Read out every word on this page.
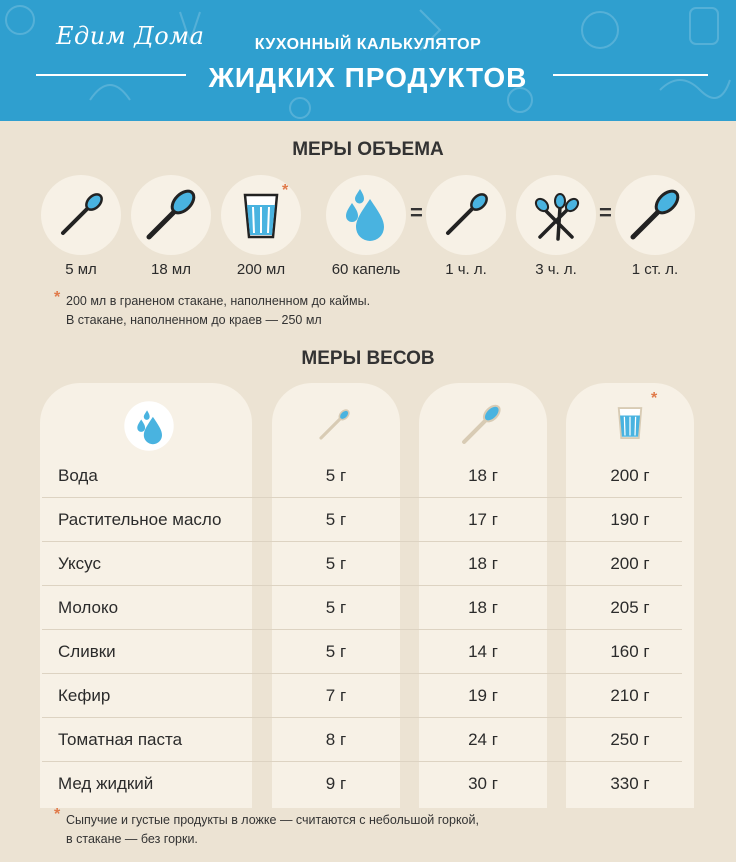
Едим Дома	КУХОННЫЙ КАЛЬКУЛЯТОР
ЖИДКИХ ПРОДУКТОВ
МЕРЫ ОБЪЕМА
*
=	=
5 мл	18 мл	200 мл	60 капель	1 ч. л.	3 ч. л.	1 ст. л.
* 200 мл в граненом стакане, наполненном до каймы.
В стакане, наполненном до краев — 250 мл
МЕРЫ ВЕСОВ
*
Вода	5 г	18 г	200 г
Растительное масло	5 г	17 г	190 г
Уксус	5 г	18 г	200 г
Молоко	5 г	18 г	205 г
Сливки	5 г	14 г	160 г
Кефир	7 г	19 г	210 г
Томатная паста	8 г	24 г	250 г
Мед жидкий	9 г	30 г	330 г
* Сыпучие и густые продукты в ложке — считаются с небольшой горкой,
в стакане — без горки.
